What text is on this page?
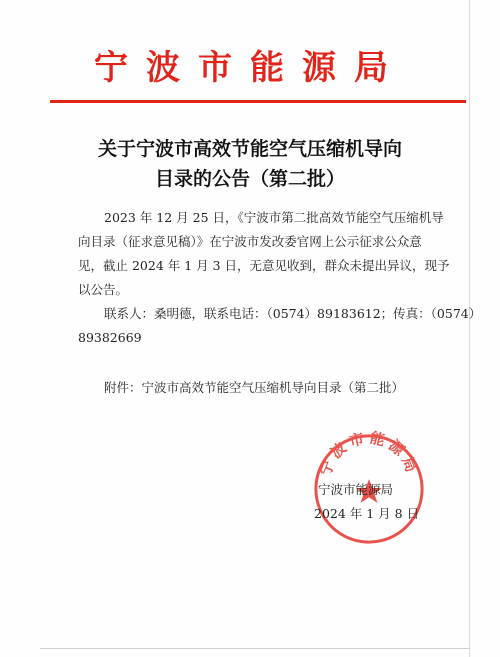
宁波市能源局
关于宁波市高效节能空气压缩机导向
目录的公告（第二批）
2023 年 12 月 25 日，《宁波市第二批高效节能空气压缩机导
向目录（征求意见稿）》在宁波市发改委官网上公示征求公众意
见，截止 2024 年 1 月 3 日，无意见收到，群众未提出异议，现予
以公告。
联系人：桑明德，联系电话：（0574）89183612；传真：（0574）
89382669
附件：宁波市高效节能空气压缩机导向目录（第二批）
宁波市能源局
宁波市能源局
2024 年 1 月 8 日
